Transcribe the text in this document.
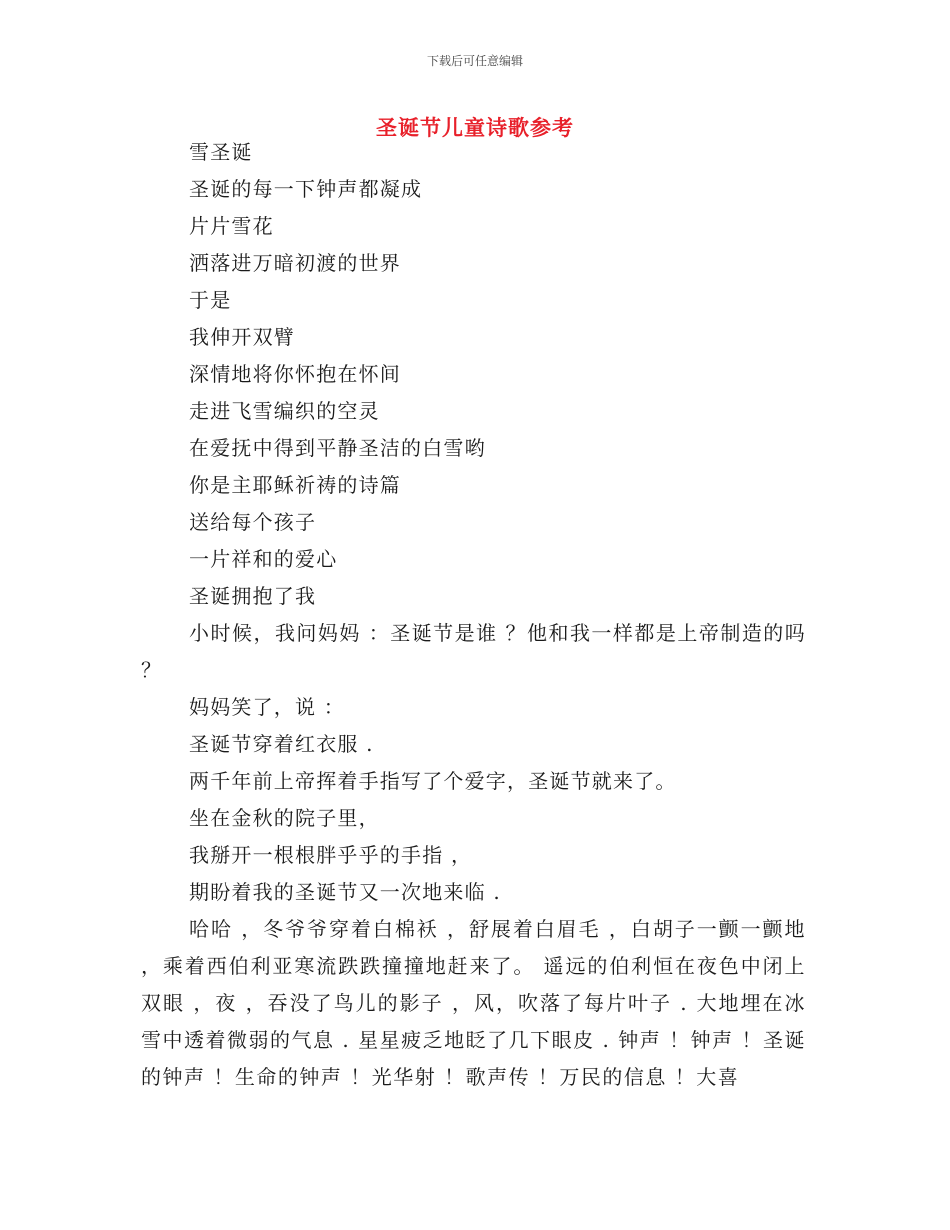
下载后可任意编辑
圣诞节儿童诗歌参考

雪圣诞

圣诞的每一下钟声都凝成

片片雪花

洒落进万暗初渡的世界

于是

我伸开双臂

深情地将你怀抱在怀间

走进飞雪编织的空灵

在爱抚中得到平静圣洁的白雪哟

你是主耶稣祈祷的诗篇

送给每个孩子

一片祥和的爱心

圣诞拥抱了我

小时候，我问妈妈 ：圣诞节是谁 ？他和我一样都是上帝制造的吗 ？

妈妈笑了，说 ：

圣诞节穿着红衣服 .

两千年前上帝挥着手指写了个爱字，圣诞节就来了。

坐在金秋的院子里，

我掰开一根根胖乎乎的手指 ，

期盼着我的圣诞节又一次地来临 .

哈哈 ，冬爷爷穿着白棉袄 ，舒展着白眉毛 ，白胡子一颤一颤地 ，乘着西伯利亚寒流跌跌撞撞地赶来了。 遥远的伯利恒在夜色中闭上双眼 ，夜 ，吞没了鸟儿的影子 ，风，吹落了每片叶子 . 大地埋在冰雪中透着微弱的气息 . 星星疲乏地眨了几下眼皮 . 钟声 ！钟声 ！圣诞的钟声 ！生命的钟声 ！光华射 ！歌声传 ！万民的信息 ！大喜
